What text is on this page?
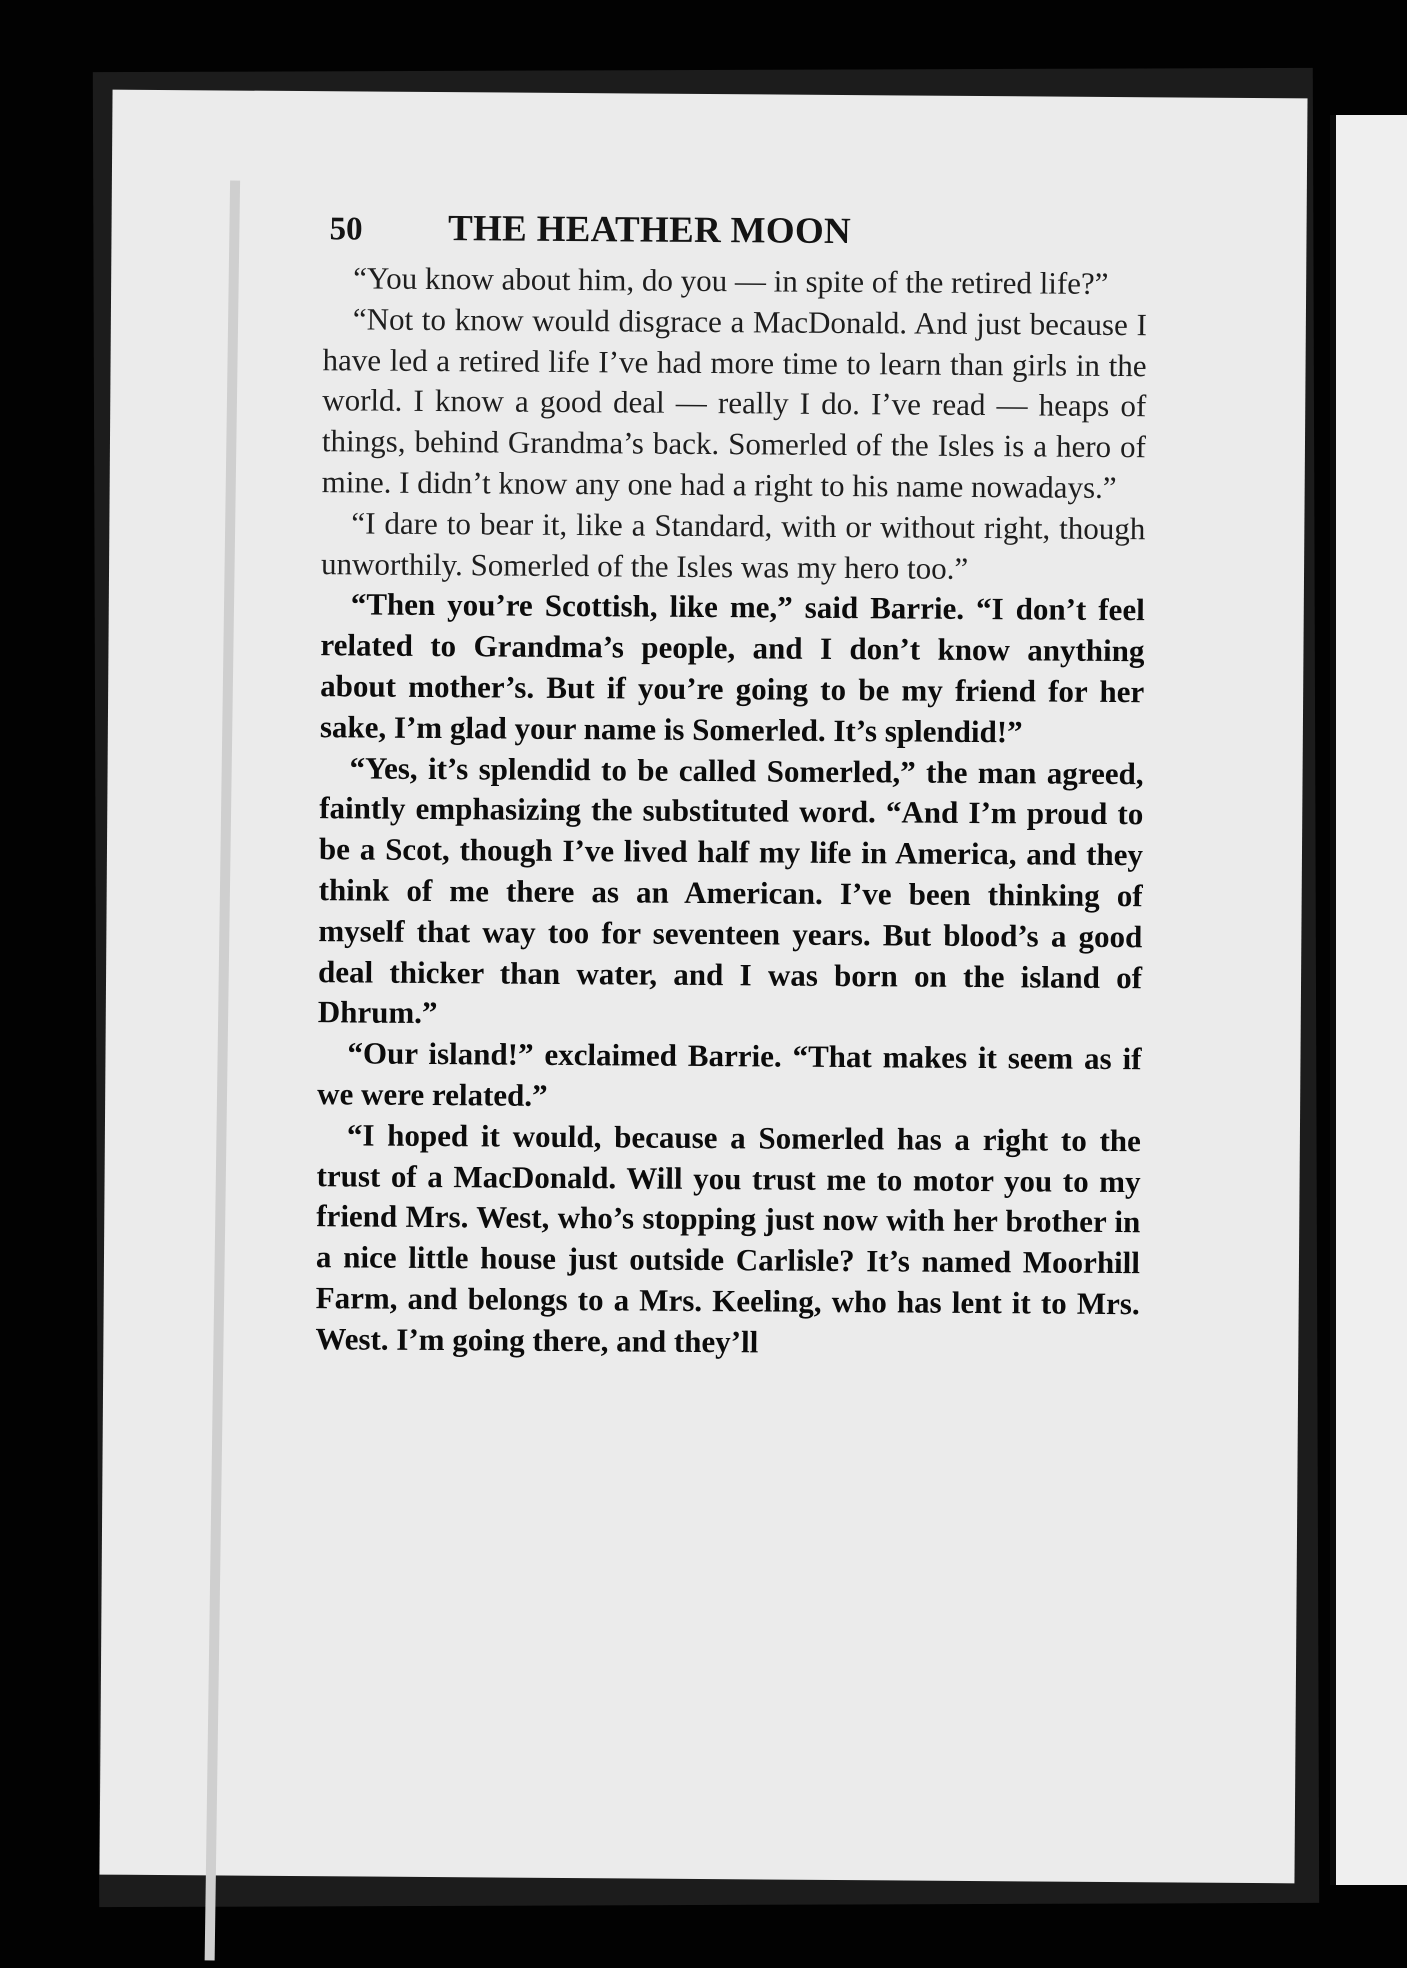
50	THE HEATHER MOON

“You know about him, do you — in spite of the retired life?”

“Not to know would disgrace a MacDonald. And just because I have led a retired life I’ve had more time to learn than girls in the world. I know a good deal — really I do. I’ve read — heaps of things, behind Grandma’s back. Somerled of the Isles is a hero of mine. I didn’t know any one had a right to his name nowadays.”

“I dare to bear it, like a Standard, with or without right, though unworthily. Somerled of the Isles was my hero too.”

“Then you’re Scottish, like me,” said Barrie. “I don’t feel related to Grandma’s people, and I don’t know anything about mother’s. But if you’re going to be my friend for her sake, I’m glad your name is Somerled. It’s splendid!”

“Yes, it’s splendid to be called Somerled,” the man agreed, faintly emphasizing the substituted word. “And I’m proud to be a Scot, though I’ve lived half my life in America, and they think of me there as an American. I’ve been thinking of myself that way too for seventeen years. But blood’s a good deal thicker than water, and I was born on the island of Dhrum.”

“Our island!” exclaimed Barrie. “That makes it seem as if we were related.”

“I hoped it would, because a Somerled has a right to the trust of a MacDonald. Will you trust me to motor you to my friend Mrs. West, who’s stopping just now with her brother in a nice little house just outside Carlisle? It’s named Moorhill Farm, and belongs to a Mrs. Keeling, who has lent it to Mrs. West. I’m going there, and they’ll
